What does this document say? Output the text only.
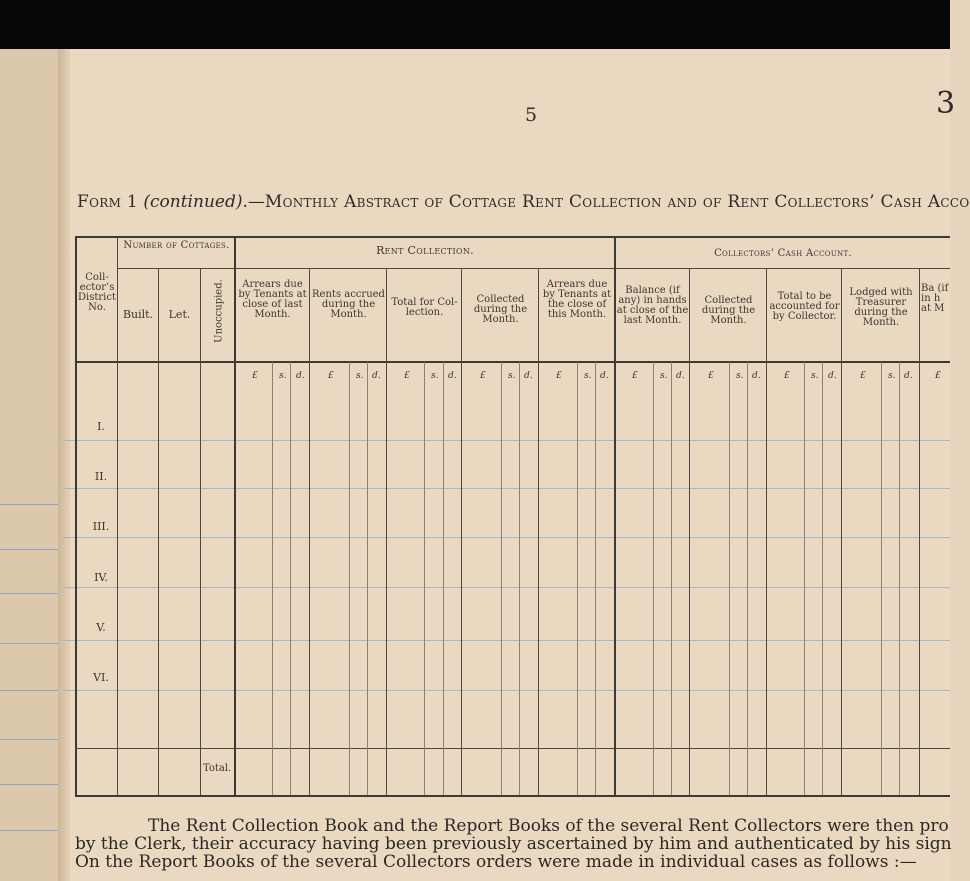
5	3
Form 1 (continued).—Monthly Abstract of Cottage Rent Collection and of Rent Collectors’ Cash Acco
Coll-ector’s District No.
Number of Cottages.
Built.	Let.	Unoccupied.
Rent Collection.
Arrears due by Tenants at close of last Month.
Rents accrued during the Month.
Total for Col-lection.
Collected during the Month.
Arrears due by Tenants at the close of this Month.
Collectors’ Cash Account.
Balance (if any) in hands at close of the last Month.
Collected during the Month.
Total to be accounted for by Collector.
Lodged with Treasurer during the Month.
Ba (if in h at M
£ s. d.	£ s. d.	£ s. d.	£ s. d.	£ s. d.	£ s. d.	£ s. d.	£ s. d.	£ s. d. £
I.
II.
III.
IV.
V.
VI.
Total.
The Rent Collection Book and the Report Books of the several Rent Collectors were then pro
by the Clerk, their accuracy having been previously ascertained by him and authenticated by his sign
On the Report Books of the several Collectors orders were made in individual cases as follows :—
